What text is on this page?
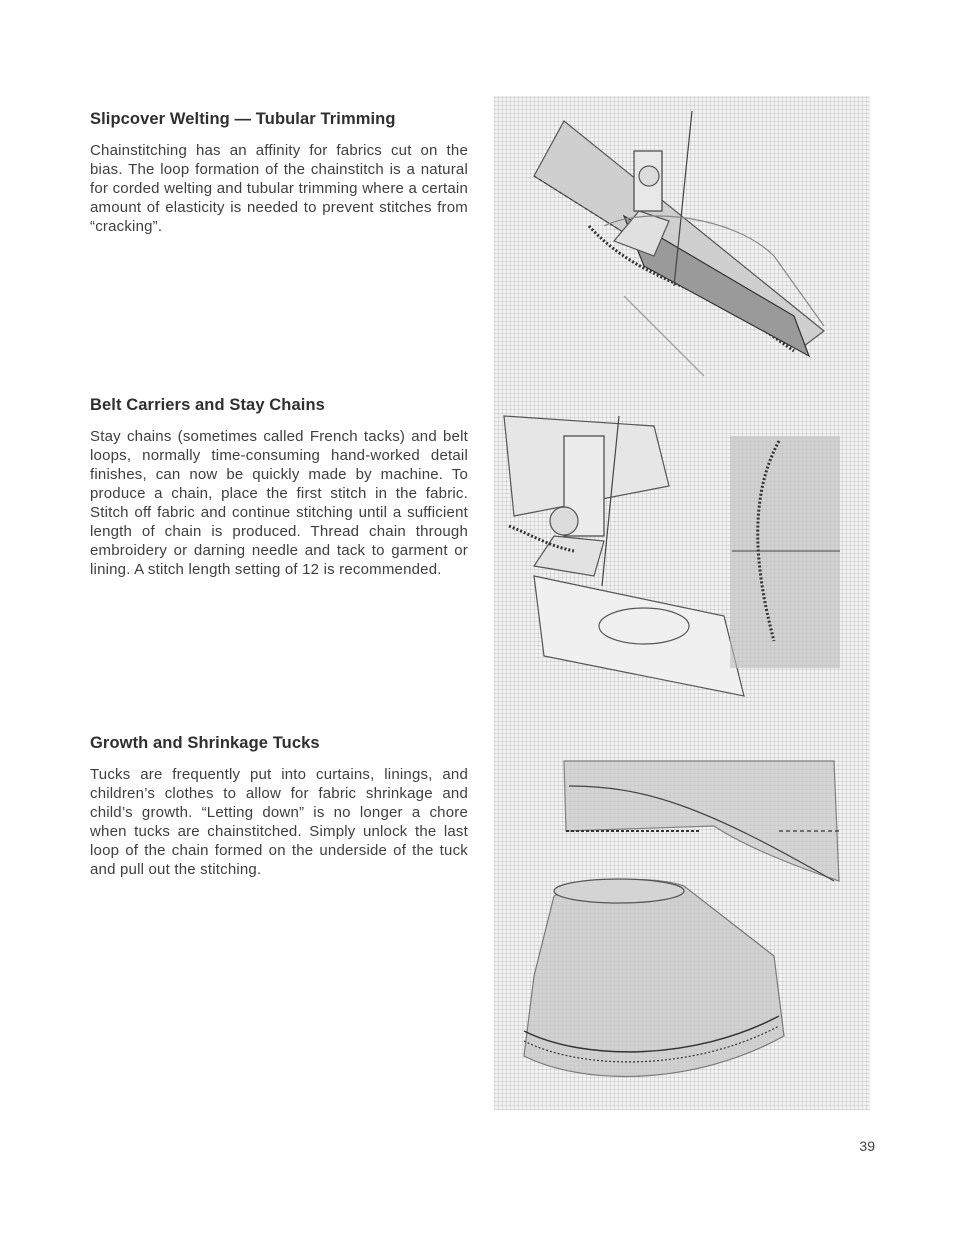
Slipcover Welting — Tubular Trimming

Chainstitching has an affinity for fabrics cut on the bias. The loop formation of the chainstitch is a natural for corded welting and tubular trimming where a certain amount of elasticity is needed to prevent stitches from “cracking”.

Belt Carriers and Stay Chains

Stay chains (sometimes called French tacks) and belt loops, normally time-consuming hand-worked detail finishes, can now be quickly made by machine. To produce a chain, place the first stitch in the fabric. Stitch off fabric and continue stitching until a sufficient length of chain is produced. Thread chain through embroidery or darning needle and tack to garment or lining. A stitch length setting of 12 is recommended.

Growth and Shrinkage Tucks

Tucks are frequently put into curtains, linings, and children’s clothes to allow for fabric shrinkage and child’s growth. “Letting down” is no longer a chore when tucks are chainstitched. Simply unlock the last loop of the chain formed on the underside of the tuck and pull out the stitching.

39
